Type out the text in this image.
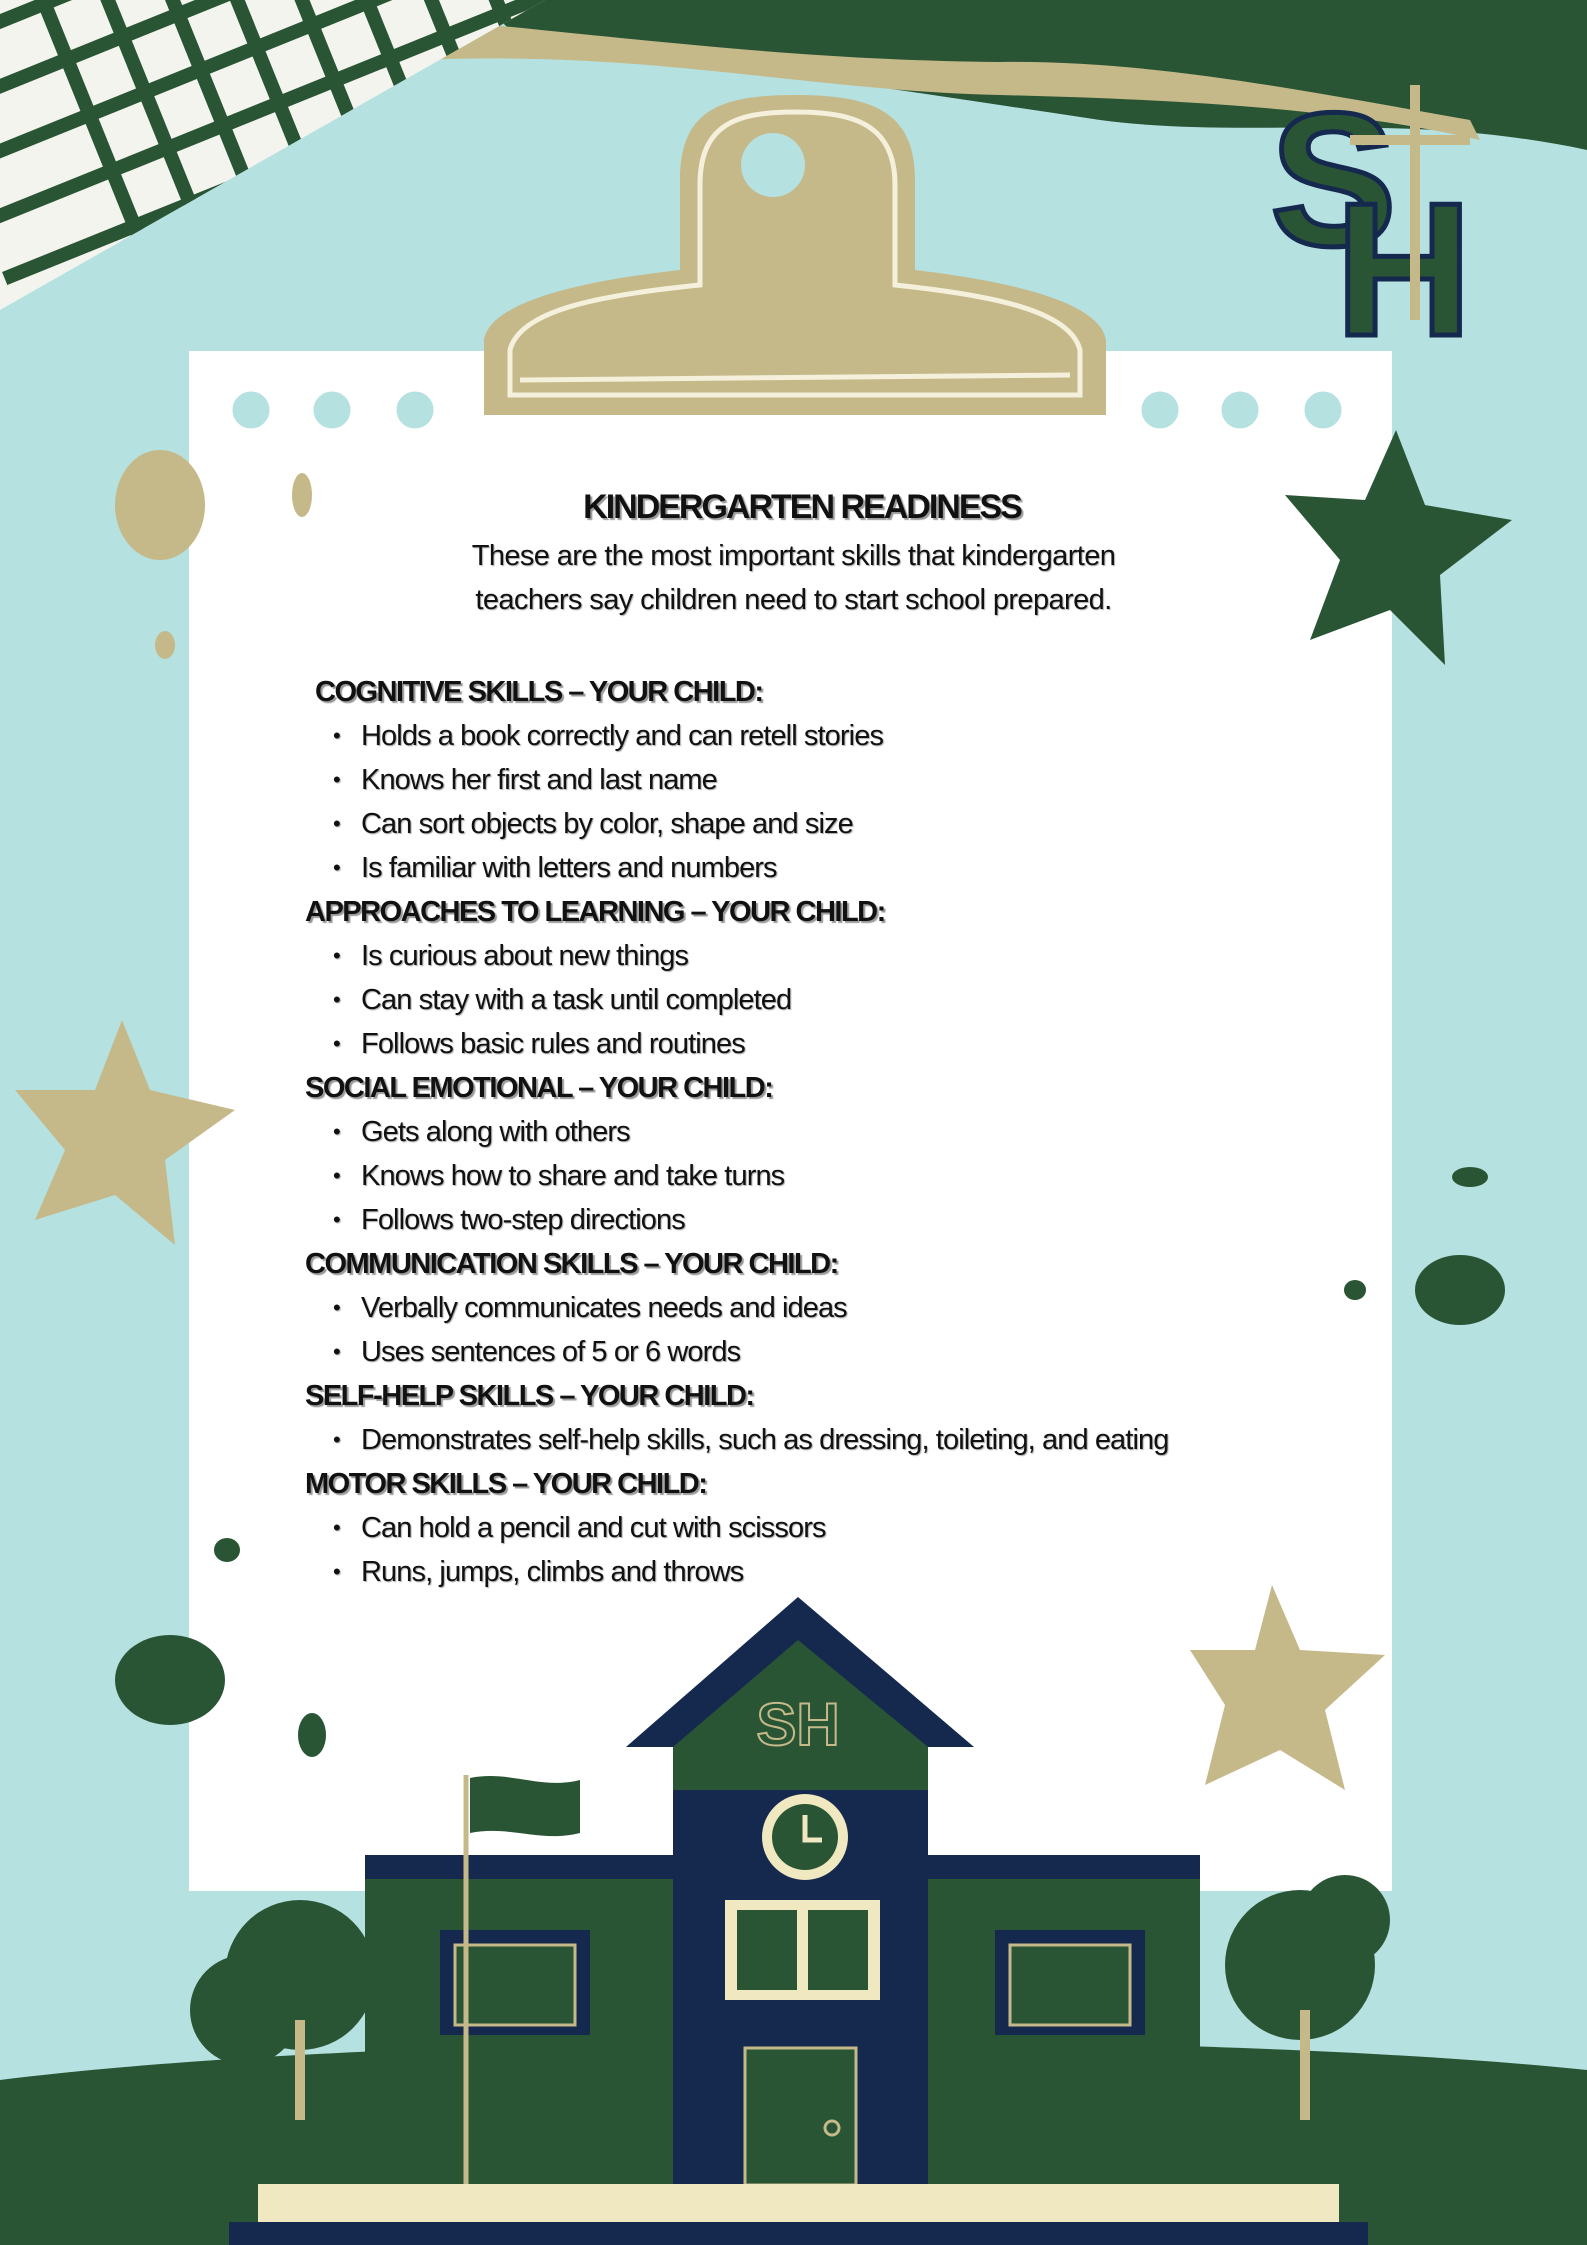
S
H
SH
KINDERGARTEN READINESS
These are the most important skills that kindergarten
teachers say children need to start school prepared.
COGNITIVE SKILLS – YOUR CHILD:
• Holds a book correctly and can retell stories
• Knows her first and last name
• Can sort objects by color, shape and size
• Is familiar with letters and numbers
APPROACHES TO LEARNING – YOUR CHILD:
• Is curious about new things
• Can stay with a task until completed
• Follows basic rules and routines
SOCIAL EMOTIONAL – YOUR CHILD:
• Gets along with others
• Knows how to share and take turns
• Follows two-step directions
COMMUNICATION SKILLS – YOUR CHILD:
• Verbally communicates needs and ideas
• Uses sentences of 5 or 6 words
SELF-HELP SKILLS – YOUR CHILD:
• Demonstrates self-help skills, such as dressing, toileting, and eating
MOTOR SKILLS – YOUR CHILD:
• Can hold a pencil and cut with scissors
• Runs, jumps, climbs and throws
